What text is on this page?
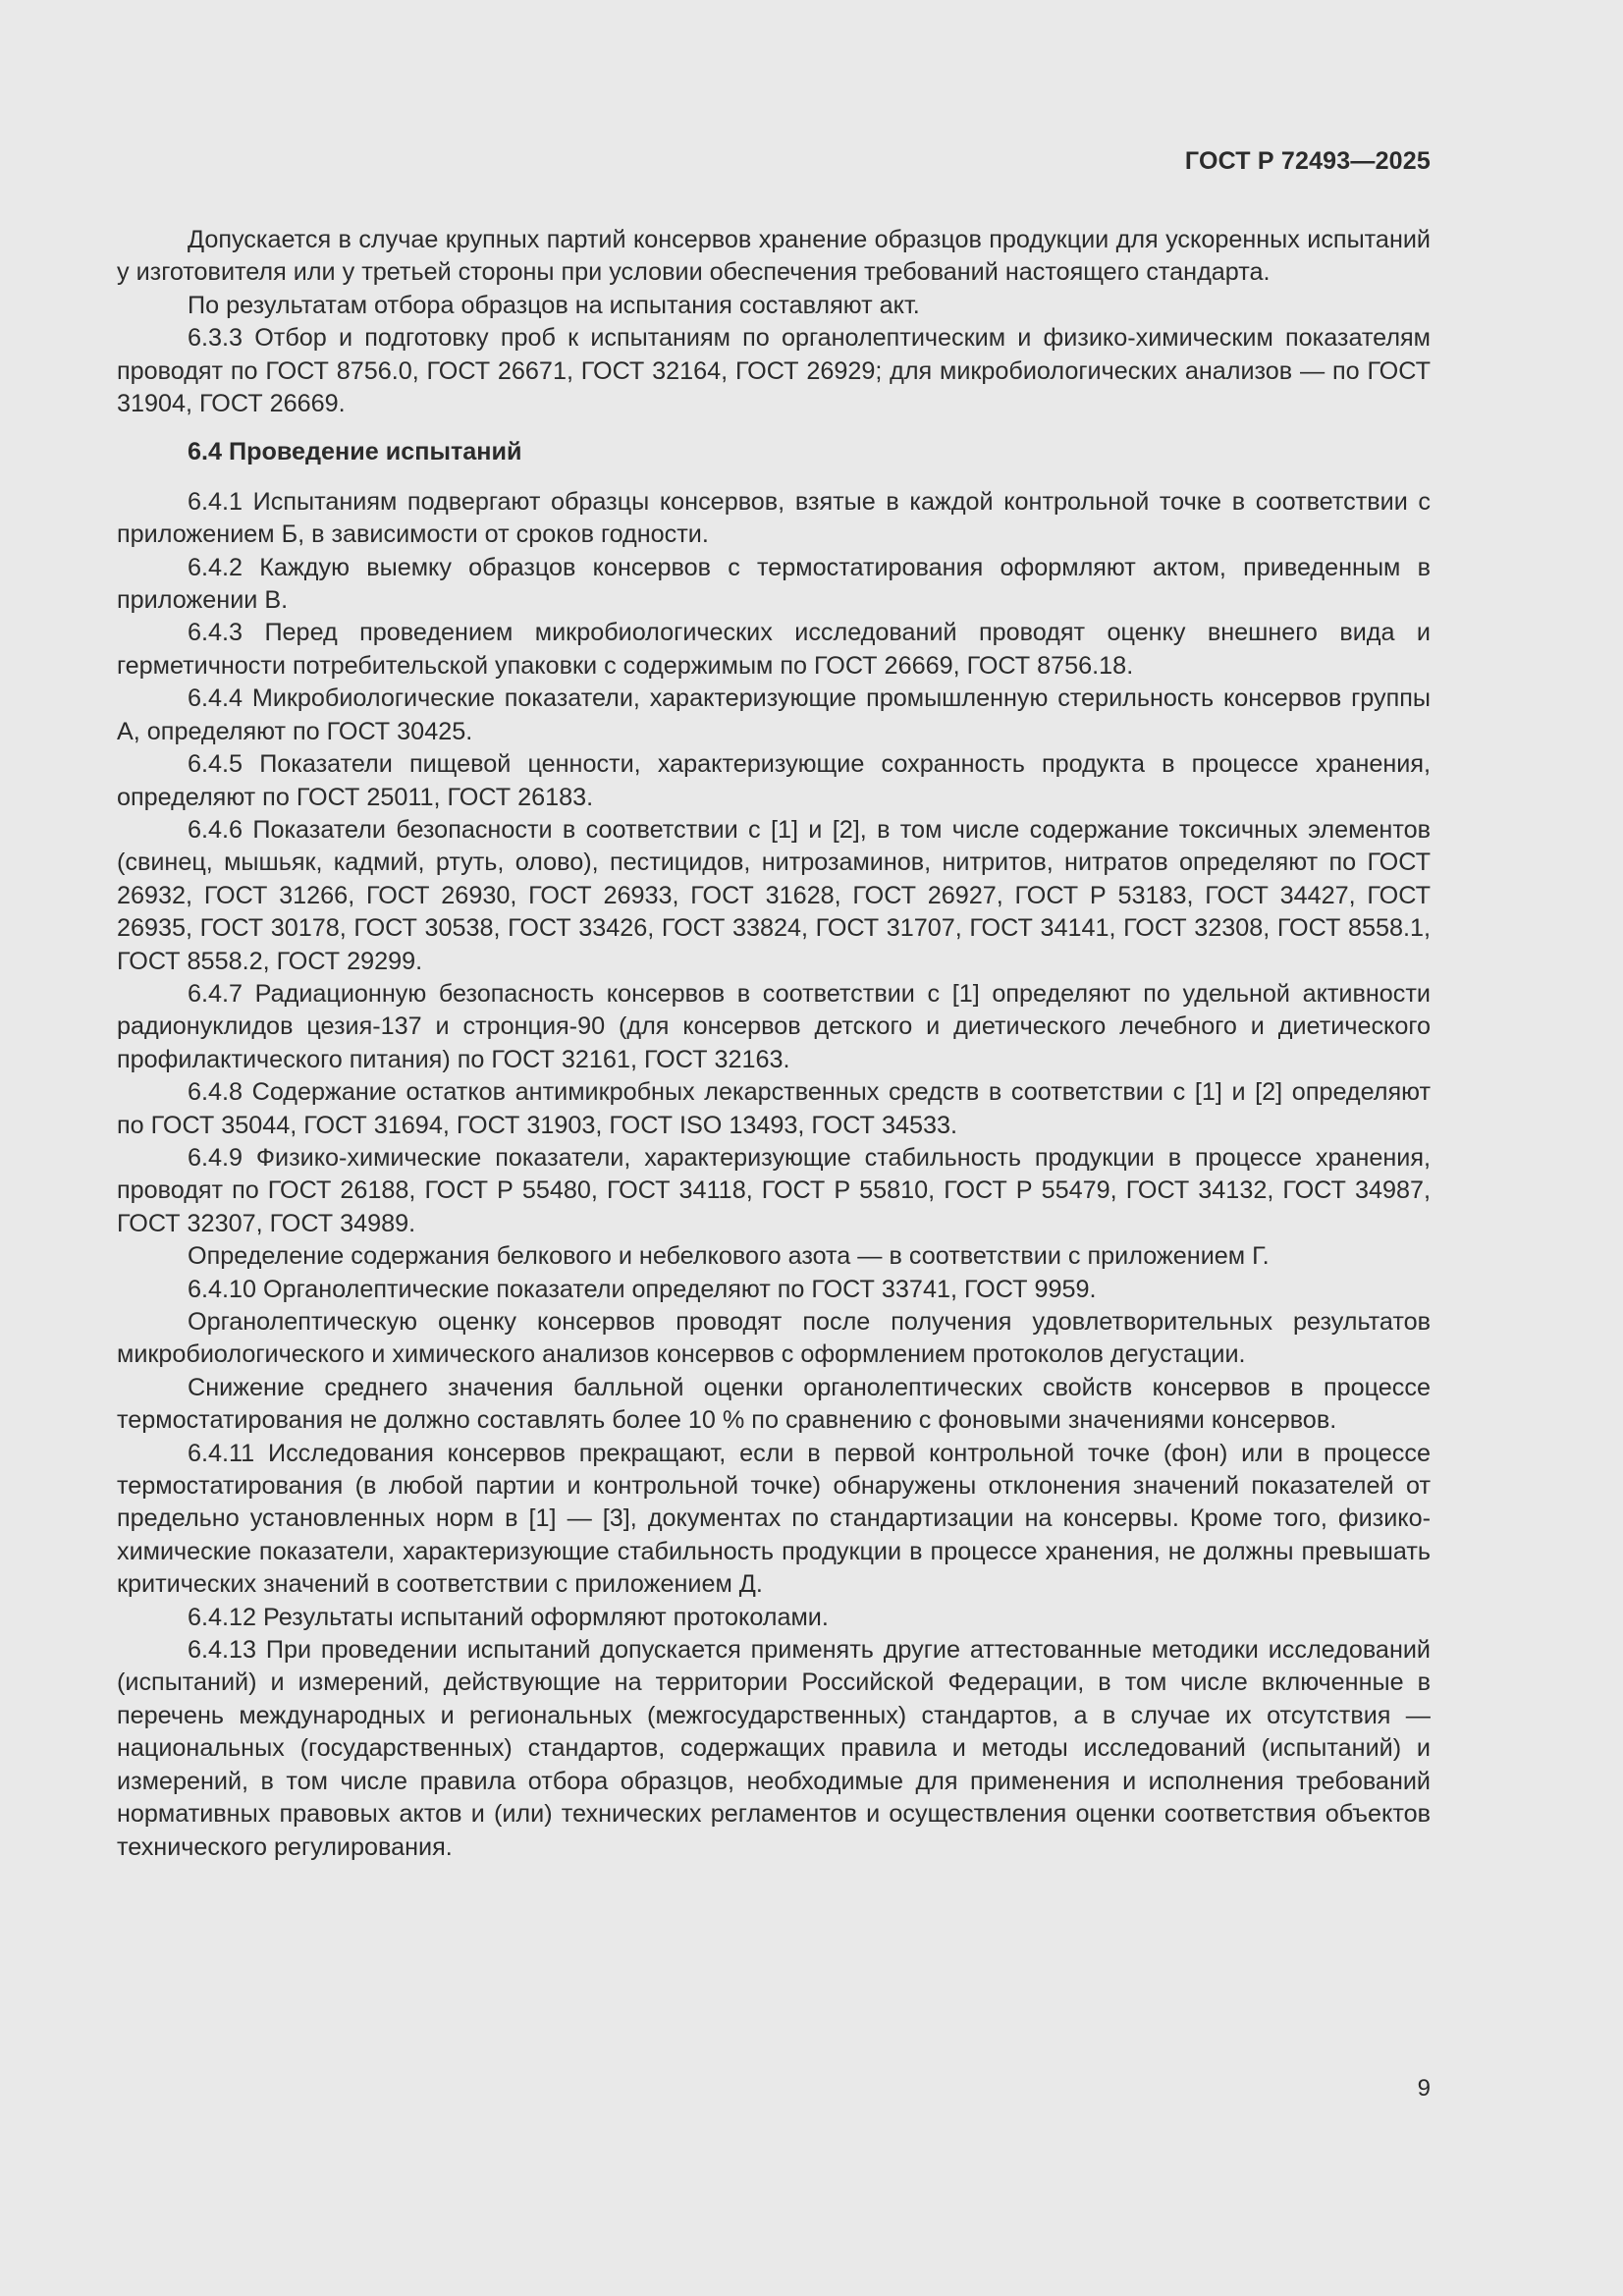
ГОСТ Р 72493—2025

Допускается в случае крупных партий консервов хранение образцов продукции для ускоренных испытаний у изготовителя или у третьей стороны при условии обеспечения требований настоящего стандарта.

По результатам отбора образцов на испытания составляют акт.

6.3.3 Отбор и подготовку проб к испытаниям по органолептическим и физико-химическим показателям проводят по ГОСТ 8756.0, ГОСТ 26671, ГОСТ 32164, ГОСТ 26929; для микробиологических анализов — по ГОСТ 31904, ГОСТ 26669.

6.4 Проведение испытаний

6.4.1 Испытаниям подвергают образцы консервов, взятые в каждой контрольной точке в соответствии с приложением Б, в зависимости от сроков годности.

6.4.2 Каждую выемку образцов консервов с термостатирования оформляют актом, приведенным в приложении В.

6.4.3 Перед проведением микробиологических исследований проводят оценку внешнего вида и герметичности потребительской упаковки с содержимым по ГОСТ 26669, ГОСТ 8756.18.

6.4.4 Микробиологические показатели, характеризующие промышленную стерильность консервов группы А, определяют по ГОСТ 30425.

6.4.5 Показатели пищевой ценности, характеризующие сохранность продукта в процессе хранения, определяют по ГОСТ 25011, ГОСТ 26183.

6.4.6 Показатели безопасности в соответствии с [1] и [2], в том числе содержание токсичных элементов (свинец, мышьяк, кадмий, ртуть, олово), пестицидов, нитрозаминов, нитритов, нитратов определяют по ГОСТ 26932, ГОСТ 31266, ГОСТ 26930, ГОСТ 26933, ГОСТ 31628, ГОСТ 26927, ГОСТ Р 53183, ГОСТ 34427, ГОСТ 26935, ГОСТ 30178, ГОСТ 30538, ГОСТ 33426, ГОСТ 33824, ГОСТ 31707, ГОСТ 34141, ГОСТ 32308, ГОСТ 8558.1, ГОСТ 8558.2, ГОСТ 29299.

6.4.7 Радиационную безопасность консервов в соответствии с [1] определяют по удельной активности радионуклидов цезия-137 и стронция-90 (для консервов детского и диетического лечебного и диетического профилактического питания) по ГОСТ 32161, ГОСТ 32163.

6.4.8 Содержание остатков антимикробных лекарственных средств в соответствии с [1] и [2] определяют по ГОСТ 35044, ГОСТ 31694, ГОСТ 31903, ГОСТ ISO 13493, ГОСТ 34533.

6.4.9 Физико-химические показатели, характеризующие стабильность продукции в процессе хранения, проводят по ГОСТ 26188, ГОСТ Р 55480, ГОСТ 34118, ГОСТ Р 55810, ГОСТ Р 55479, ГОСТ 34132, ГОСТ 34987, ГОСТ 32307, ГОСТ 34989.

Определение содержания белкового и небелкового азота — в соответствии с приложением Г.

6.4.10 Органолептические показатели определяют по ГОСТ 33741, ГОСТ 9959.

Органолептическую оценку консервов проводят после получения удовлетворительных результатов микробиологического и химического анализов консервов с оформлением протоколов дегустации.

Снижение среднего значения балльной оценки органолептических свойств консервов в процессе термостатирования не должно составлять более 10 % по сравнению с фоновыми значениями консервов.

6.4.11 Исследования консервов прекращают, если в первой контрольной точке (фон) или в процессе термостатирования (в любой партии и контрольной точке) обнаружены отклонения значений показателей от предельно установленных норм в [1] — [3], документах по стандартизации на консервы. Кроме того, физико-химические показатели, характеризующие стабильность продукции в процессе хранения, не должны превышать критических значений в соответствии с приложением Д.

6.4.12 Результаты испытаний оформляют протоколами.

6.4.13 При проведении испытаний допускается применять другие аттестованные методики исследований (испытаний) и измерений, действующие на территории Российской Федерации, в том числе включенные в перечень международных и региональных (межгосударственных) стандартов, а в случае их отсутствия — национальных (государственных) стандартов, содержащих правила и методы исследований (испытаний) и измерений, в том числе правила отбора образцов, необходимые для применения и исполнения требований нормативных правовых актов и (или) технических регламентов и осуществления оценки соответствия объектов технического регулирования.

9
